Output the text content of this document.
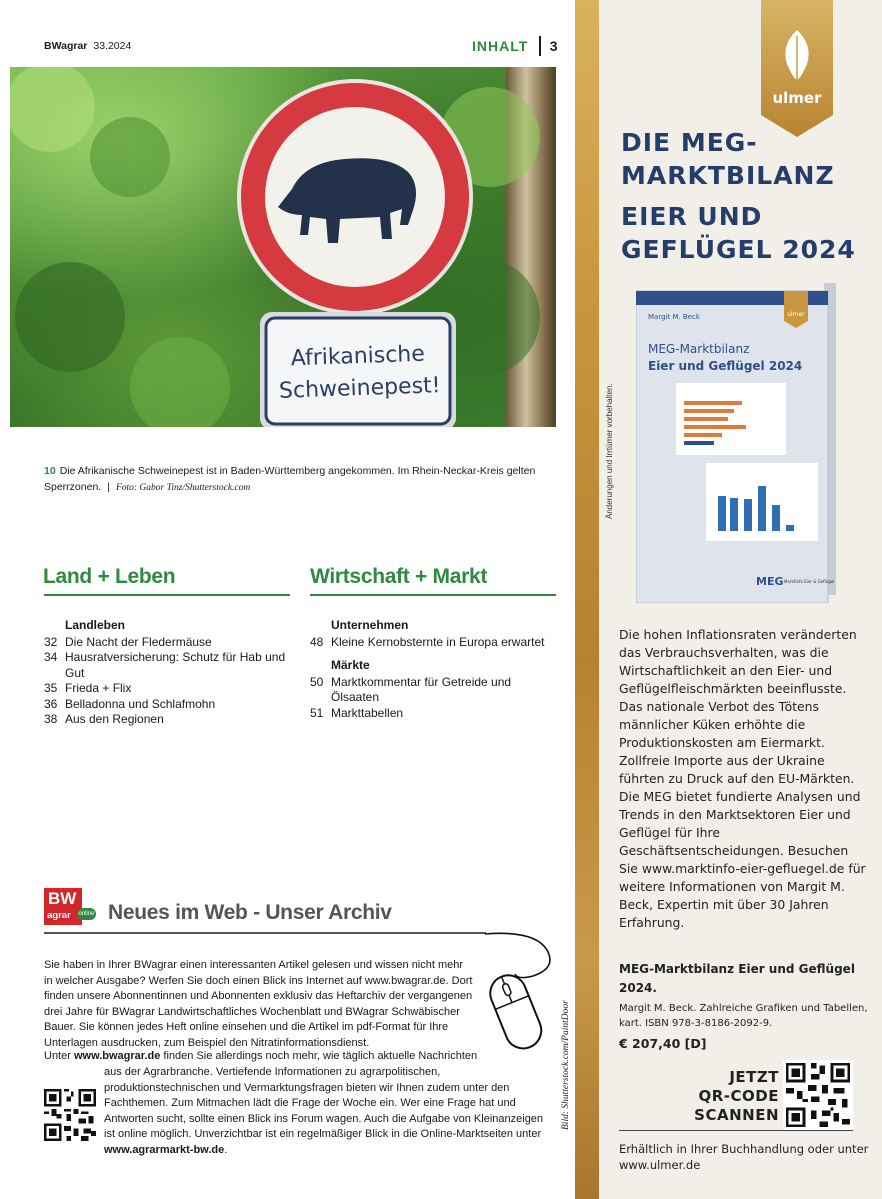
BWagrar 33.2024	INHALT 3
Afrikanische
Schweinepest!
10 Die Afrikanische Schweinepest ist in Baden-Württemberg angekommen. Im Rhein-Neckar-Kreis gelten Sperrzonen. | Foto: Gabor Tinz/Shutterstock.com
Land + Leben
Landleben
32 Die Nacht der Fledermäuse
34 Hausratversicherung: Schutz für Hab und Gut
35 Frieda + Flix
36 Belladonna und Schlafmohn
38 Aus den Regionen
Wirtschaft + Markt
Unternehmen
48 Kleine Kernobsternte in Europa erwartet
Märkte
50 Marktkommentar für Getreide und Ölsaaten
51 Markttabellen
BW
agrar online Neues im Web - Unser Archiv
Sie haben in Ihrer BWagrar einen interessanten Artikel gelesen und wissen nicht mehr in welcher Ausgabe? Werfen Sie doch einen Blick ins Internet auf www.bwagrar.de. Dort finden unsere Abonnentinnen und Abonnenten exklusiv das Heftarchiv der vergangenen drei Jahre für BWagrar Landwirtschaftliches Wochenblatt und BWagrar Schwäbischer Bauer. Sie können jedes Heft online einsehen und die Artikel im pdf-Format für Ihre Unterlagen ausdrucken, zum Beispiel den Nitratinformationsdienst.
Unter www.bwagrar.de finden Sie allerdings noch mehr, wie täglich aktuelle Nachrichten
aus der Agrarbranche. Vertiefende Informationen zu agrarpolitischen, produktionstechnischen und Vermarktungsfragen bieten wir Ihnen zudem unter den Fachthemen. Zum Mitmachen lädt die Frage der Woche ein. Wer eine Frage hat und Antworten sucht, sollte einen Blick ins Forum wagen. Auch die Aufgabe von Kleinanzeigen ist online möglich. Unverzichtbar ist ein regelmäßiger Blick in die Online-Marktseiten unter www.agrarmarkt-bw.de.
Bild: Shutterstock.com/PaintDoor
ulmer
DIE MEG-
MARKTBILANZ
EIER UND
GEFLÜGEL 2024
Änderungen und Irrtümer vorbehalten.
ulmer
Margit M. Beck
MEG-Marktbilanz
Eier und Geflügel 2024
MEG Marktinfo Eier & Geflügel
Die hohen Inflationsraten veränderten das Verbrauchsverhalten, was die Wirtschaftlichkeit an den Eier- und Geflügelfleischmärkten beeinflusste. Das nationale Verbot des Tötens männlicher Küken erhöhte die Produktionskosten am Eiermarkt. Zollfreie Importe aus der Ukraine führten zu Druck auf den EU-Märkten. Die MEG bietet fundierte Analysen und Trends in den Marktsektoren Eier und Geflügel für Ihre Geschäftsentscheidungen. Besuchen Sie www.marktinfo-eier-gefluegel.de für weitere Informationen von Margit M. Beck, Expertin mit über 30 Jahren Erfahrung.
MEG-Marktbilanz Eier und Geflügel 2024.
Margit M. Beck. Zahlreiche Grafiken und Tabellen, kart. ISBN 978-3-8186-2092-9.
€ 207,40 [D]
JETZT
QR-CODE
SCANNEN
Erhältlich in Ihrer Buchhandlung oder unter www.ulmer.de
